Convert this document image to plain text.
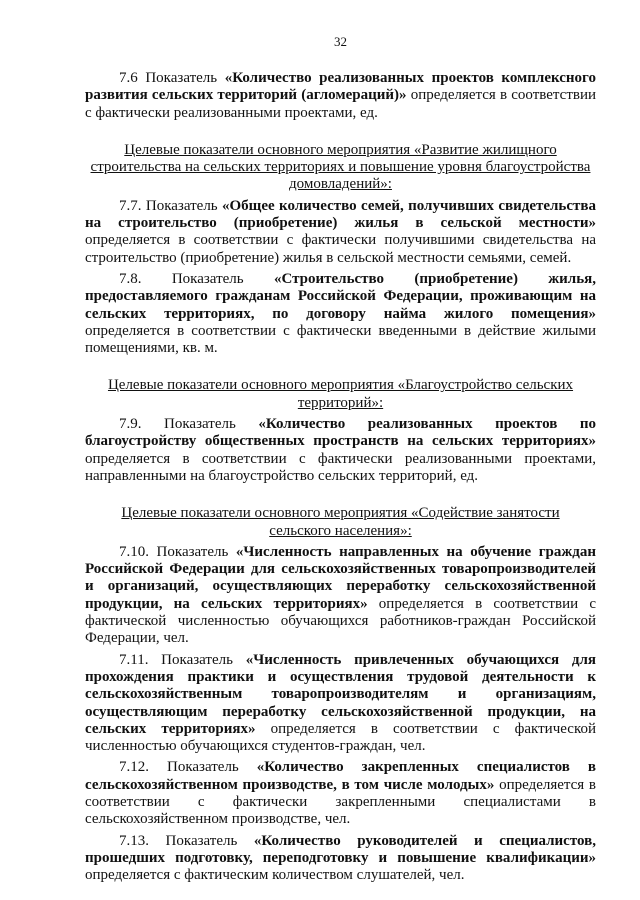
32

7.6 Показатель «Количество реализованных проектов комплексного развития сельских территорий (агломераций)» определяется в соответствии с фактически реализованными проектами, ед.

Целевые показатели основного мероприятия «Развитие жилищного строительства на сельских территориях и повышение уровня благоустройства домовладений»:

7.7. Показатель «Общее количество семей, получивших свидетельства на строительство (приобретение) жилья в сельской местности» определяется в соответствии с фактически получившими свидетельства на строительство (приобретение) жилья в сельской местности семьями, семей.

7.8. Показатель «Строительство (приобретение) жилья, предоставляемого гражданам Российской Федерации, проживающим на сельских территориях, по договору найма жилого помещения» определяется в соответствии с фактически введенными в действие жилыми помещениями, кв. м.

Целевые показатели основного мероприятия «Благоустройство сельских территорий»:

7.9. Показатель «Количество реализованных проектов по благоустройству общественных пространств на сельских территориях» определяется в соответствии с фактически реализованными проектами, направленными на благоустройство сельских территорий, ед.

Целевые показатели основного мероприятия «Содействие занятости сельского населения»:

7.10. Показатель «Численность направленных на обучение граждан Российской Федерации для сельскохозяйственных товаропроизводителей и организаций, осуществляющих переработку сельскохозяйственной продукции, на сельских территориях» определяется в соответствии с фактической численностью обучающихся работников-граждан Российской Федерации, чел.

7.11. Показатель «Численность привлеченных обучающихся для прохождения практики и осуществления трудовой деятельности к сельскохозяйственным товаропроизводителям и организациям, осуществляющим переработку сельскохозяйственной продукции, на сельских территориях» определяется в соответствии с фактической численностью обучающихся студентов-граждан, чел.

7.12. Показатель «Количество закрепленных специалистов в сельскохозяйственном производстве, в том числе молодых» определяется в соответствии с фактически закрепленными специалистами в сельскохозяйственном производстве, чел.

7.13. Показатель «Количество руководителей и специалистов, прошедших подготовку, переподготовку и повышение квалификации» определяется с фактическим количеством слушателей, чел.
